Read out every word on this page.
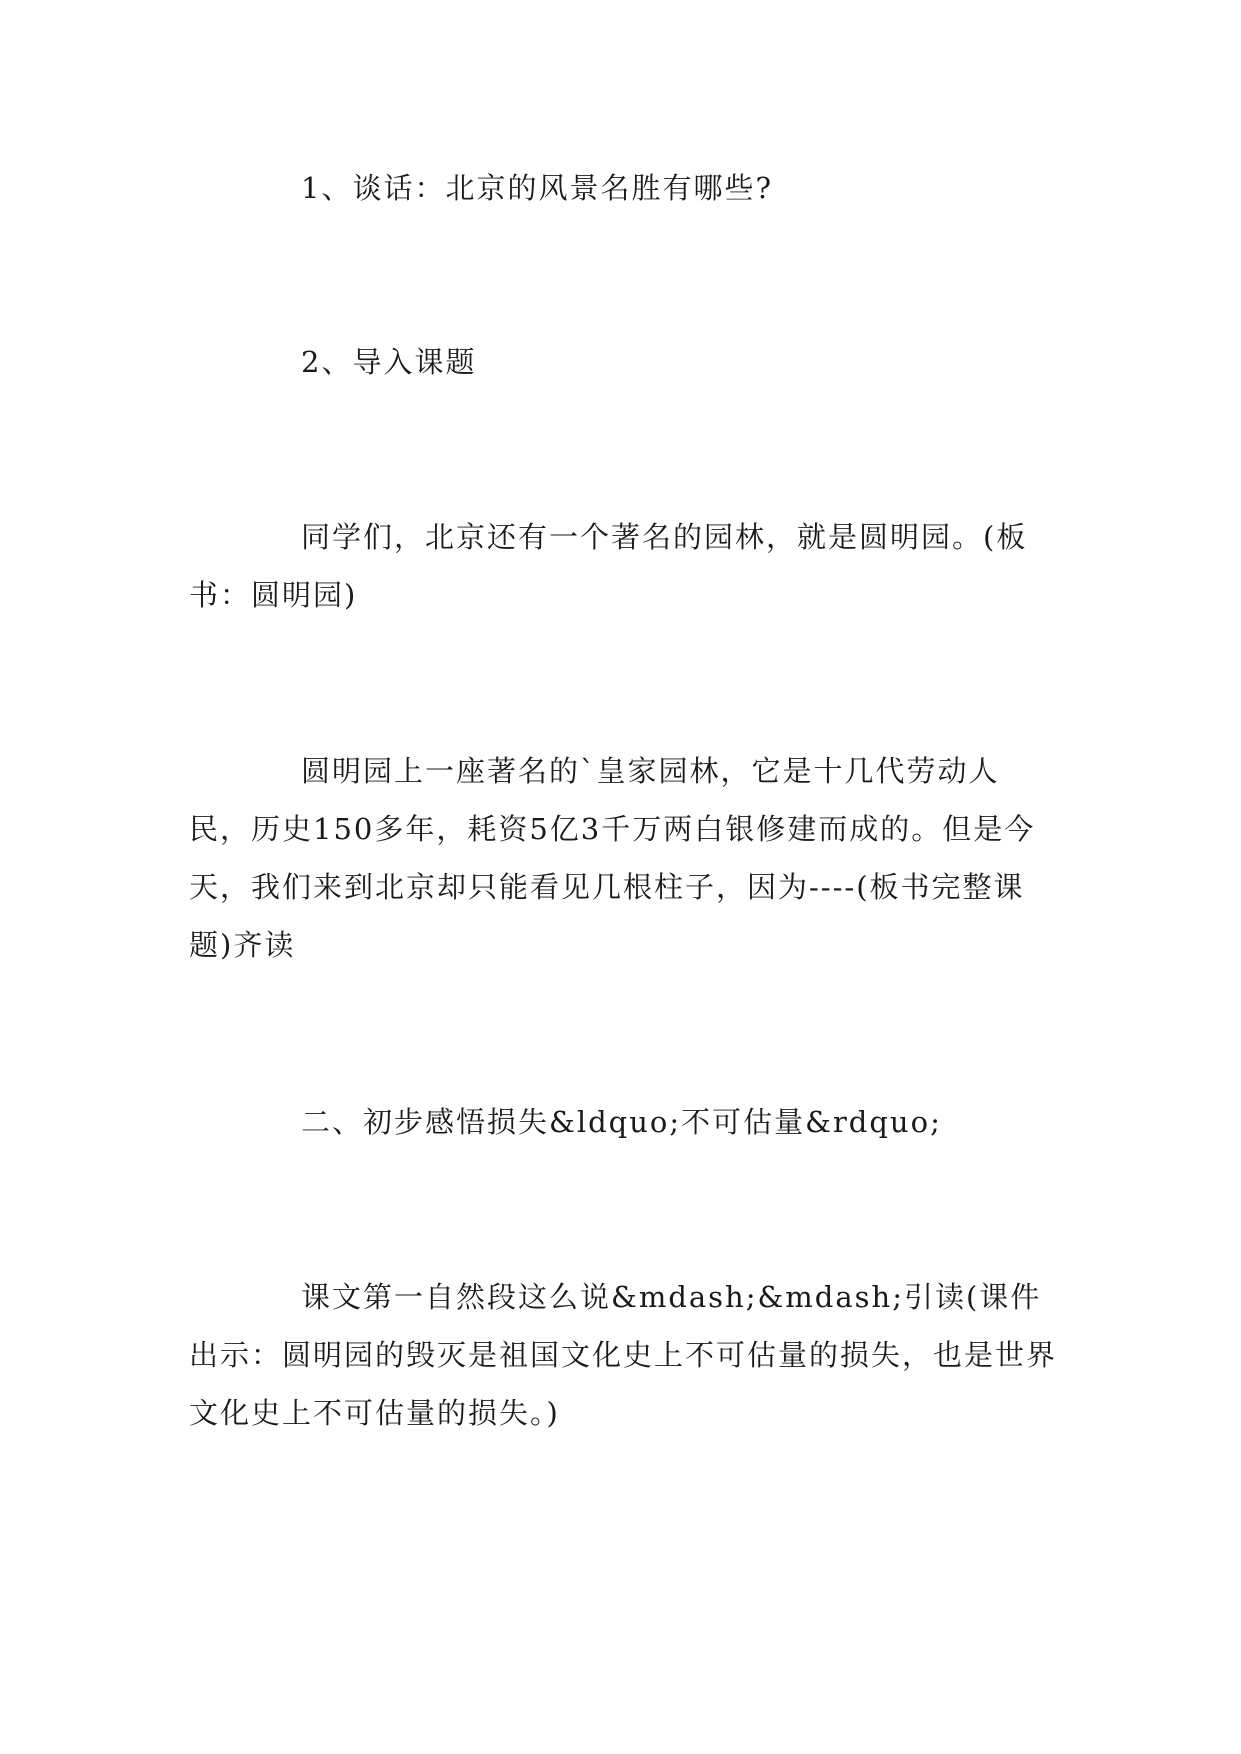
1、谈话：北京的风景名胜有哪些?

2、导入课题

同学们，北京还有一个著名的园林，就是圆明园。(板书：圆明园)

圆明园上一座著名的`皇家园林，它是十几代劳动人民，历史150多年，耗资5亿3千万两白银修建而成的。但是今天，我们来到北京却只能看见几根柱子，因为----(板书完整课题)齐读

二、初步感悟损失&ldquo;不可估量&rdquo;

课文第一自然段这么说&mdash;&mdash;引读(课件出示：圆明园的毁灭是祖国文化史上不可估量的损失，也是世界文化史上不可估量的损失。)
